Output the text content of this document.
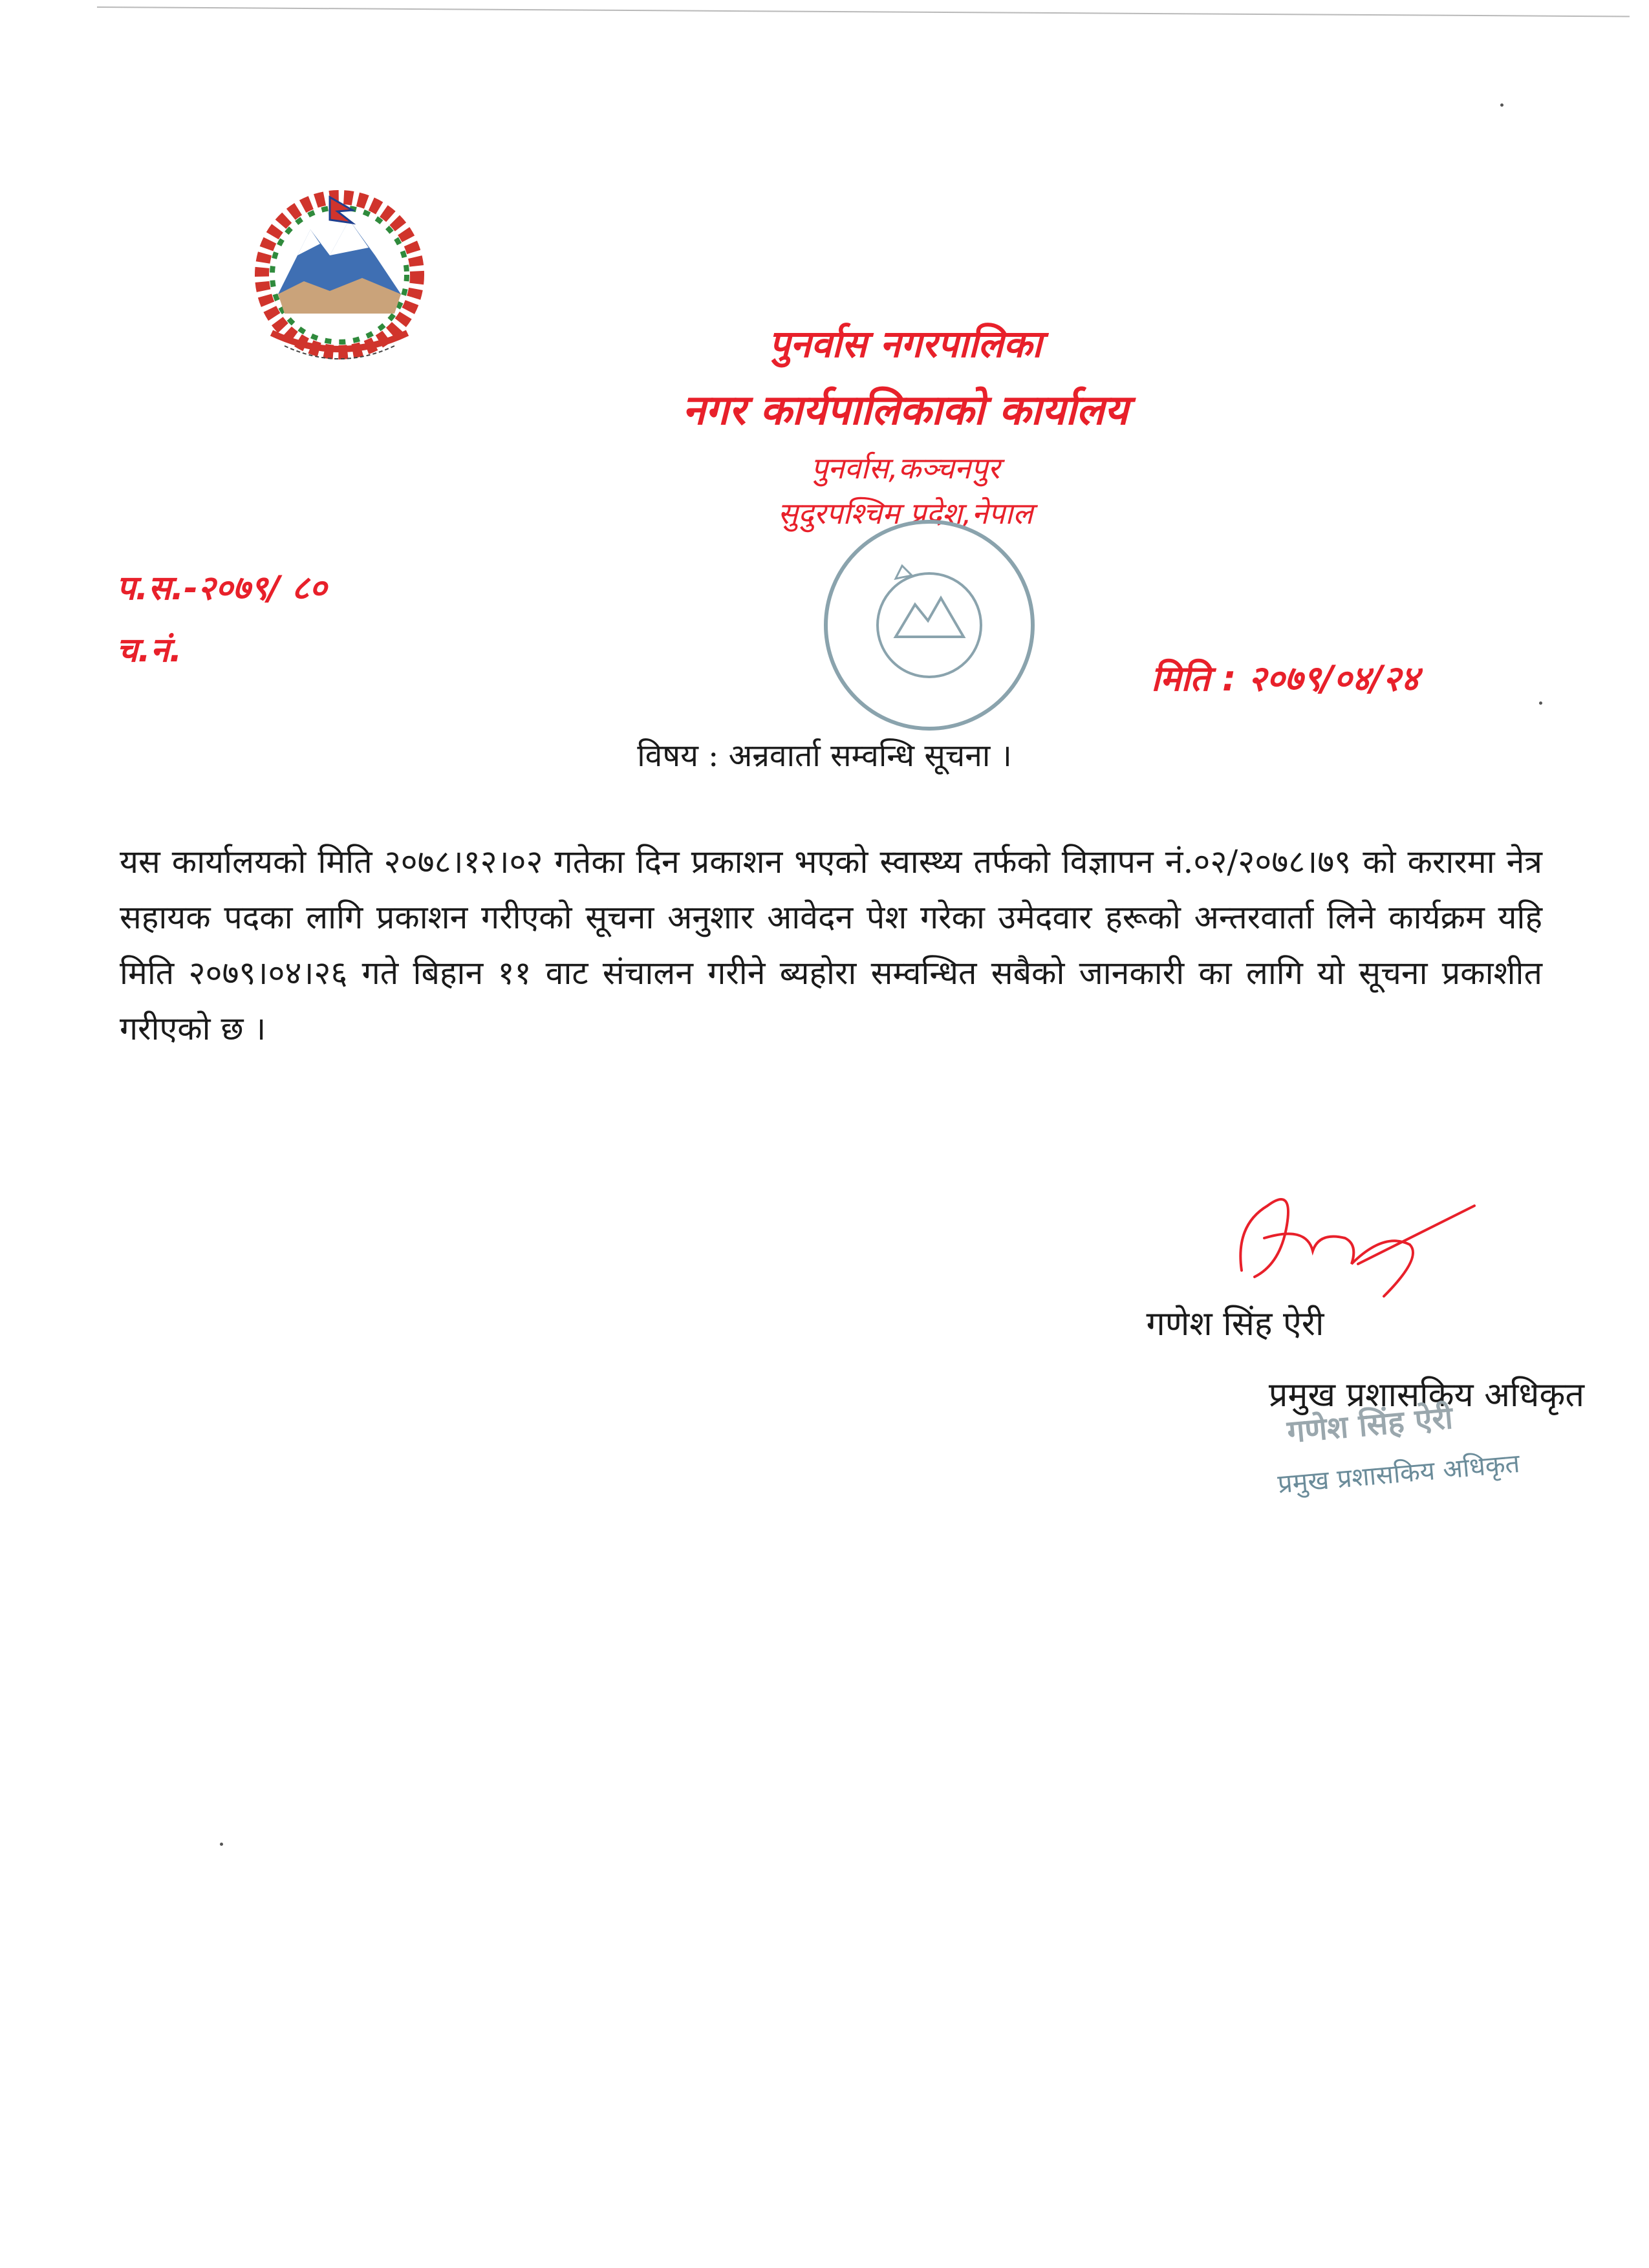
पुनर्वास नगरपालिका
नगर कार्यपालिकाको कार्यालय
पुनर्वास,कञ्चनपुर
सुदुरपश्चिम प्रदेश,नेपाल
प.स.-२०७९/ ८०
च.नं.
मिति : २०७९/०४/२४
विषय : अन्रवार्ता सम्वन्धि सूचना ।
यस कार्यालयको मिति २०७८।१२।०२ गतेका दिन प्रकाशन भएको स्वास्थ्य तर्फको विज्ञापन नं.०२/२०७८।७९ को करारमा नेत्र सहायक पदका लागि प्रकाशन गरीएको सूचना अनुशार आवेदन पेश गरेका उमेदवार हरूको अन्तरवार्ता लिने कार्यक्रम यहि मिति २०७९।०४।२६ गते बिहान ११ वाट संचालन गरीने ब्यहोरा सम्वन्धित सबैको जानकारी का लागि यो सूचना प्रकाशीत गरीएको छ ।
गणेश सिंह ऐरी
प्रमुख प्रशासकिय अधिकृत
गणेश सिंह ऐरी
प्रमुख प्रशासकिय अधिकृत
